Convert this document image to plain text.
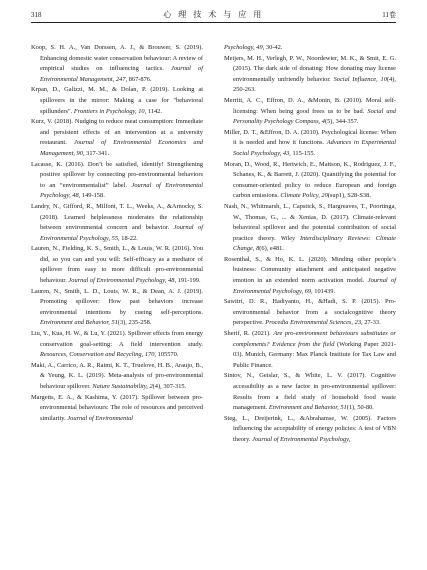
318	心 理 技 术 与 应 用	11卷

Koop, S. H. A., Van Dorssen, A. J., & Brouwer, S. (2019). Enhancing domestic water conservation behaviour: A review of empirical studies on influencing tactics. Journal of Environmental Management, 247, 867-876.

Krpan, D., Galizzi, M. M., & Dolan, P. (2019). Looking at spillovers in the mirror: Making a case for "behavioral spillunders". Frontiers in Psychology, 10, 1142.

Kurz, V. (2018). Nudging to reduce meat consumption: Immediate and persistent effects of an intervention at a university restaurant. Journal of Environmental Economics and Management, 90, 317-341.

Lacasse, K. (2016). Don’t be satisfied, identify! Strengthening positive spillover by connecting pro-environmental behaviors to an “environmentalist” label. Journal of Environmental Psychology, 48, 149-158.

Landry, N., Gifford, R., Milfont, T. L., Weeks, A., &Arnocky, S. (2018). Learned helplessness moderates the relationship between environmental concern and behavior. Journal of Environmental Psychology, 55, 18-22.

Lauren, N., Fielding, K. S., Smith, L., & Louis, W. R. (2016). You did, so you can and you will: Self-efficacy as a mediator of spillover from easy to more difficult pro-environmental behaviour. Journal of Environmental Psychology, 48, 191-199.

Lauren, N., Smith, L. D., Louis, W. R., & Dean, A. J. (2019). Promoting spillover: How past behaviors increase environmental intentions by cueing self-perceptions. Environment and Behavior, 51(3), 235-258.

Liu, Y., Kua, H. W., & Lu, Y. (2021). Spillover effects from energy conservation goal-setting: A field intervention study. Resources, Conservation and Recycling, 170, 105570.

Maki, A., Carrico, A. R., Raimi, K. T., Truelove, H. B., Araujo, B., & Yeung, K. L. (2019). Meta-analysis of pro-environmental behaviour spillover. Nature Sustainability, 2(4), 307-315.

Margetts, E. A., & Kashima, Y. (2017). Spillover between pro-environmental behaviours: The role of resources and perceived similarity. Journal of Environmental

Psychology, 49, 30-42.

Meijers, M. H., Verlegh, P. W., Noordewier, M. K., & Smit, E. G. (2015). The dark side of donating: How donating may license environmentally unfriendly behavior. Social Influence, 10(4), 250-263.

Merritt, A. C., Effron, D. A., &Monin, B. (2010). Moral self-licensing: When being good frees us to be bad. Social and Personality Psychology Compass, 4(5), 344-357.

Miller, D. T., &Effron, D. A. (2010). Psychological license: When it is needed and how it functions. Advances in Experimental Social Psychology, 43, 115-155.

Moran, D., Wood, R., Hertwich, E., Mattson, K., Rodriguez, J. F., Schanes, K., & Barrett, J. (2020). Quantifying the potential for consumer-oriented policy to reduce European and foreign carbon emissions. Climate Policy, 20(sup1), S28-S38.

Nash, N., Whitmarsh, L., Capstick, S., Hargreaves, T., Poortinga, W., Thomas, G., ... & Xenias, D. (2017). Climate-relevant behavioral spillover and the potential contribution of social practice theory. Wiley Interdisciplinary Reviews: Climate Change, 8(6), e481.

Rosenthal, S., & Ho, K. L. (2020). Minding other people’s business: Community attachment and anticipated negative emotion in an extended norm activation model. Journal of Environmental Psychology, 69, 101439.

Sawitri, D. R., Hadiyanto, H., &Hadi, S. P. (2015). Pro-environmental behavior from a socialcognitive theory perspective. Procedia Environmental Sciences, 23, 27-33.

Sherif, R. (2021). Are pro-environment behaviours substitutes or complements? Evidence from the field (Working Paper 2021-03). Munich, Germany: Max Planck Institute for Tax Law and Public Finance.

Sintov, N., Geislar, S., & White, L. V. (2017). Cognitive accessibility as a new factor in pro-environmental spillover: Results from a field study of household food waste management. Environment and Behavior, 51(1), 50-80.

Steg, L., Dreijerink, L., &Abrahamse, W. (2005). Factors influencing the acceptability of energy policies: A test of VBN theory. Journal of Environmental Psychology,
